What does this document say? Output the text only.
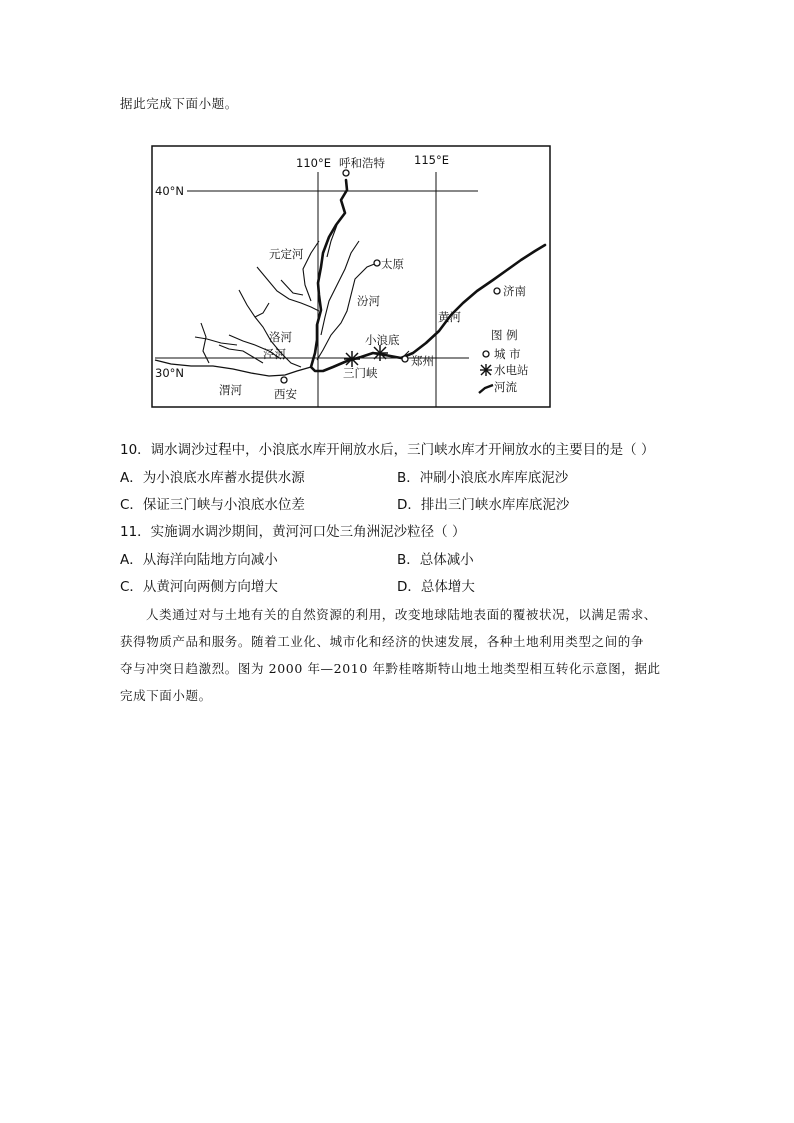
据此完成下面小题。
110°E 呼和浩特	115°E
40°N
元定河
太原
济南
汾河
黄河
洛河
泾河
小浪底
三门峡
郑州
30°N
渭河	西安
图 例
城 市
水电站
河流
10．调水调沙过程中，小浪底水库开闸放水后，三门峡水库才开闸放水的主要目的是（ ）
A．为小浪底水库蓄水提供水源	B．冲刷小浪底水库库底泥沙
C．保证三门峡与小浪底水位差	D．排出三门峡水库库底泥沙
11．实施调水调沙期间，黄河河口处三角洲泥沙粒径（ ）
A．从海洋向陆地方向减小	B．总体减小
C．从黄河向两侧方向增大	D．总体增大
人类通过对与土地有关的自然资源的利用，改变地球陆地表面的覆被状况，以满足需求、
获得物质产品和服务。随着工业化、城市化和经济的快速发展，各种土地利用类型之间的争
夺与冲突日趋激烈。图为 2000 年—2010 年黔桂喀斯特山地土地类型相互转化示意图，据此
完成下面小题。
